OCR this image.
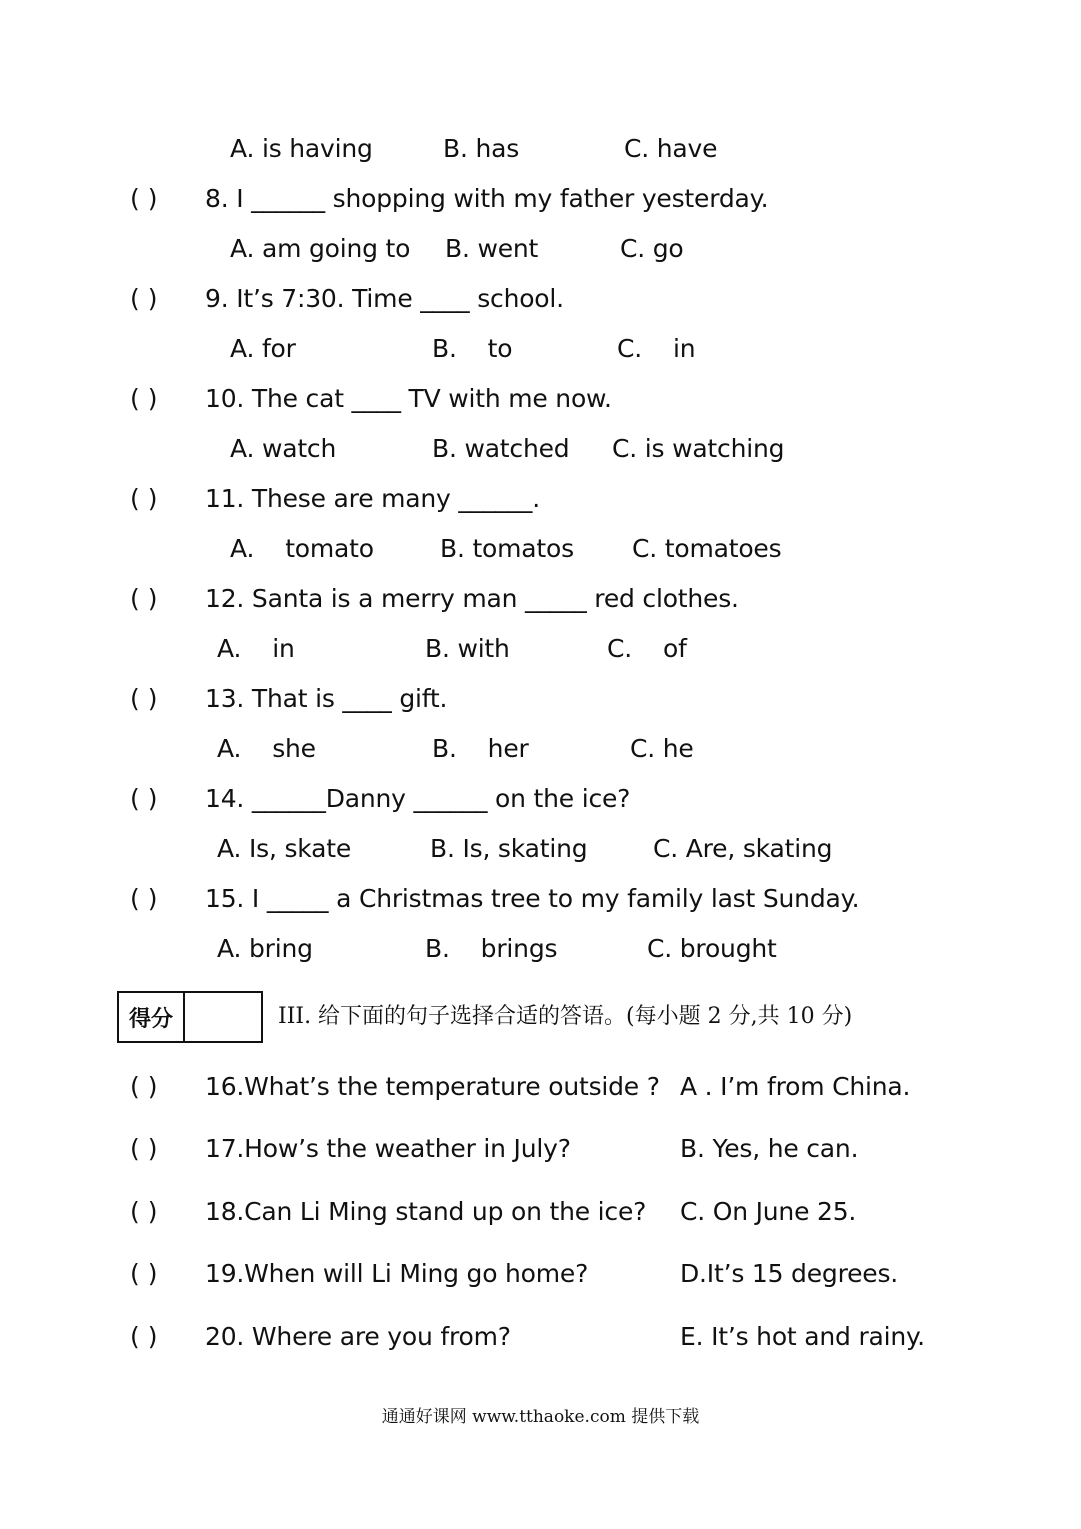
A. is having	B. has	C. have
( ) 8. I ______ shopping with my father yesterday.
A. am going to B. went	C. go
( ) 9. It’s 7:30. Time ____ school.
A. for	B.    to	C.    in
( ) 10. The cat ____ TV with me now.
A. watch	B. watched C. is watching
( ) 11. These are many ______.
A.    tomato	B. tomatos C. tomatoes
( ) 12. Santa is a merry man _____ red clothes.
A.    in	B. with	C.    of
( ) 13. That is ____ gift.
A.    she	B.    her	C. he
( ) 14. ______Danny ______ on the ice?
A. Is, skate	B. Is, skating	C. Are, skating
( ) 15. I _____ a Christmas tree to my family last Sunday.
A. bring	B.    brings	C. brought
得分	III. 给下面的句子选择合适的答语。(每小题 2 分,共 10 分)
( ) 16.What’s the temperature outside ? A . I’m from China.
( ) 17.How’s the weather in July?	B. Yes, he can.
( ) 18.Can Li Ming stand up on the ice? C. On June 25.
( ) 19.When will Li Ming go home?	D.It’s 15 degrees.
( ) 20. Where are you from?	E. It’s hot and rainy.
通通好课网 www.tthaoke.com 提供下载
